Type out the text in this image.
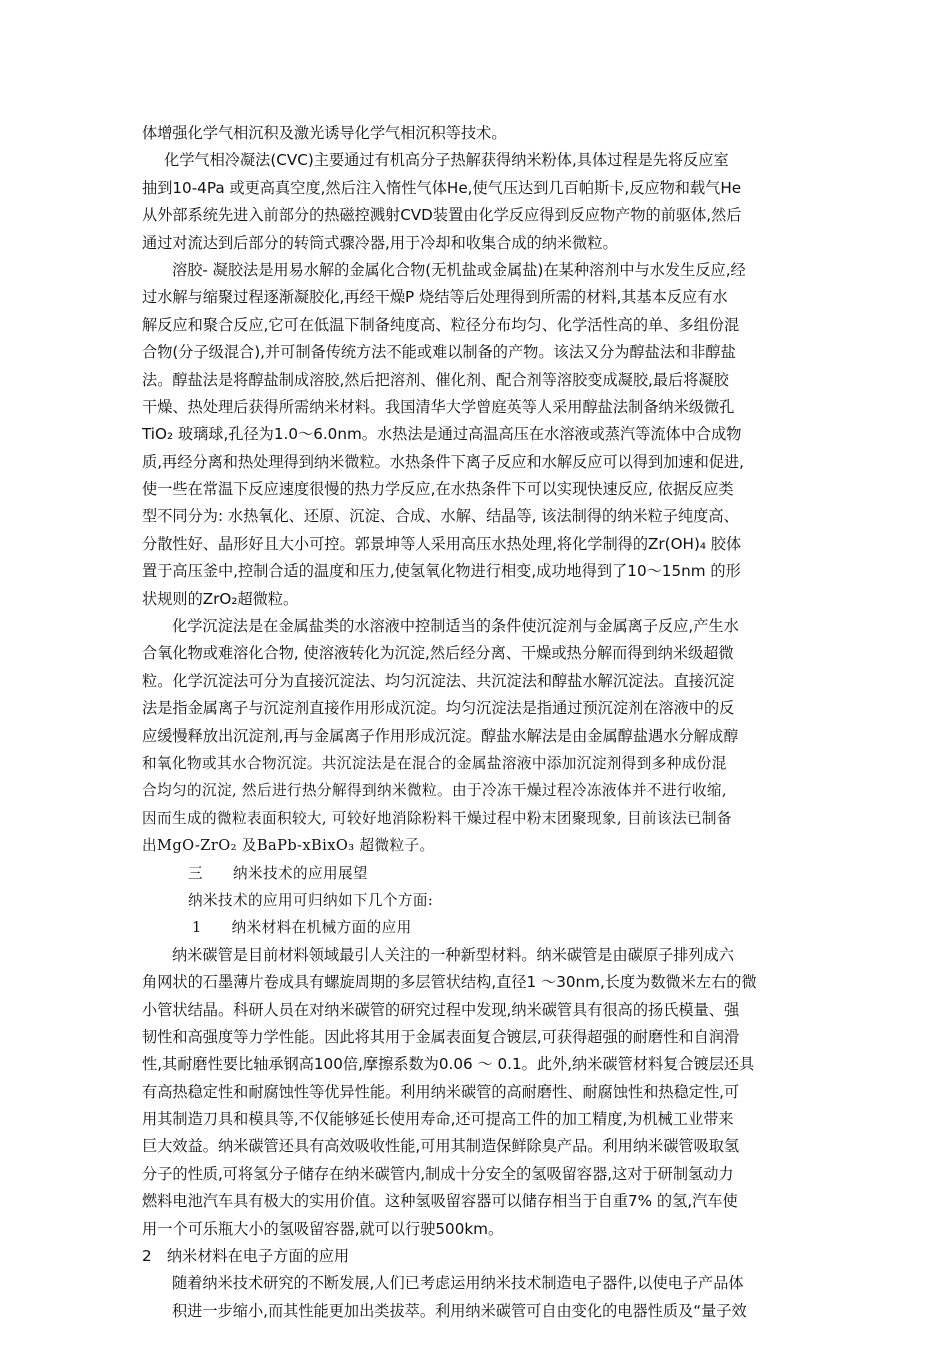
体增强化学气相沉积及激光诱导化学气相沉积等技术。
化学气相冷凝法(CVC)主要通过有机高分子热解获得纳米粉体,具体过程是先将反应室
抽到10-4Pa 或更高真空度,然后注入惰性气体He,使气压达到几百帕斯卡,反应物和载气He
从外部系统先进入前部分的热磁控溅射CVD装置由化学反应得到反应物产物的前驱体,然后
通过对流达到后部分的转筒式骤冷器,用于冷却和收集合成的纳米微粒。
溶胶- 凝胶法是用易水解的金属化合物(无机盐或金属盐)在某种溶剂中与水发生反应,经
过水解与缩聚过程逐渐凝胶化,再经干燥P 烧结等后处理得到所需的材料,其基本反应有水
解反应和聚合反应,它可在低温下制备纯度高、粒径分布均匀、化学活性高的单、多组份混
合物(分子级混合),并可制备传统方法不能或难以制备的产物。该法又分为醇盐法和非醇盐
法。醇盐法是将醇盐制成溶胶,然后把溶剂、催化剂、配合剂等溶胶变成凝胶,最后将凝胶
干燥、热处理后获得所需纳米材料。我国清华大学曾庭英等人采用醇盐法制备纳米级微孔
TiO₂ 玻璃球,孔径为1.0～6.0nm。水热法是通过高温高压在水溶液或蒸汽等流体中合成物
质,再经分离和热处理得到纳米微粒。水热条件下离子反应和水解反应可以得到加速和促进,
使一些在常温下反应速度很慢的热力学反应,在水热条件下可以实现快速反应, 依据反应类
型不同分为: 水热氧化、还原、沉淀、合成、水解、结晶等, 该法制得的纳米粒子纯度高、
分散性好、晶形好且大小可控。郭景坤等人采用高压水热处理,将化学制得的Zr(OH)₄ 胶体
置于高压釜中,控制合适的温度和压力,使氢氧化物进行相变,成功地得到了10～15nm 的形
状规则的ZrO₂超微粒。
化学沉淀法是在金属盐类的水溶液中控制适当的条件使沉淀剂与金属离子反应,产生水
合氧化物或难溶化合物, 使溶液转化为沉淀,然后经分离、干燥或热分解而得到纳米级超微
粒。化学沉淀法可分为直接沉淀法、均匀沉淀法、共沉淀法和醇盐水解沉淀法。直接沉淀
法是指金属离子与沉淀剂直接作用形成沉淀。均匀沉淀法是指通过预沉淀剂在溶液中的反
应缓慢释放出沉淀剂,再与金属离子作用形成沉淀。醇盐水解法是由金属醇盐遇水分解成醇
和氧化物或其水合物沉淀。共沉淀法是在混合的金属盐溶液中添加沉淀剂得到多种成份混
合均匀的沉淀, 然后进行热分解得到纳米微粒。由于冷冻干燥过程冷冻液体并不进行收缩,
因而生成的微粒表面积较大, 可较好地消除粉料干燥过程中粉末团聚现象, 目前该法已制备
出MgO-ZrO₂ 及BaPb-xBixO₃ 超微粒子。
三　　纳米技术的应用展望
纳米技术的应用可归纳如下几个方面:
1　　纳米材料在机械方面的应用
纳米碳管是目前材料领域最引人关注的一种新型材料。纳米碳管是由碳原子排列成六
角网状的石墨薄片卷成具有螺旋周期的多层管状结构,直径1 ～30nm,长度为数微米左右的微
小管状结晶。科研人员在对纳米碳管的研究过程中发现,纳米碳管具有很高的扬氏模量、强
韧性和高强度等力学性能。因此将其用于金属表面复合镀层,可获得超强的耐磨性和自润滑
性,其耐磨性要比轴承钢高100倍,摩擦系数为0.06 ～ 0.1。此外,纳米碳管材料复合镀层还具
有高热稳定性和耐腐蚀性等优异性能。利用纳米碳管的高耐磨性、耐腐蚀性和热稳定性,可
用其制造刀具和模具等,不仅能够延长使用寿命,还可提高工件的加工精度,为机械工业带来
巨大效益。纳米碳管还具有高效吸收性能,可用其制造保鲜除臭产品。利用纳米碳管吸取氢
分子的性质,可将氢分子储存在纳米碳管内,制成十分安全的氢吸留容器,这对于研制氢动力
燃料电池汽车具有极大的实用价值。这种氢吸留容器可以储存相当于自重7% 的氢,汽车使
用一个可乐瓶大小的氢吸留容器,就可以行驶500km。
2　纳米材料在电子方面的应用
随着纳米技术研究的不断发展,人们已考虑运用纳米技术制造电子器件,以使电子产品体
积进一步缩小,而其性能更加出类拔萃。利用纳米碳管可自由变化的电器性质及“量子效
